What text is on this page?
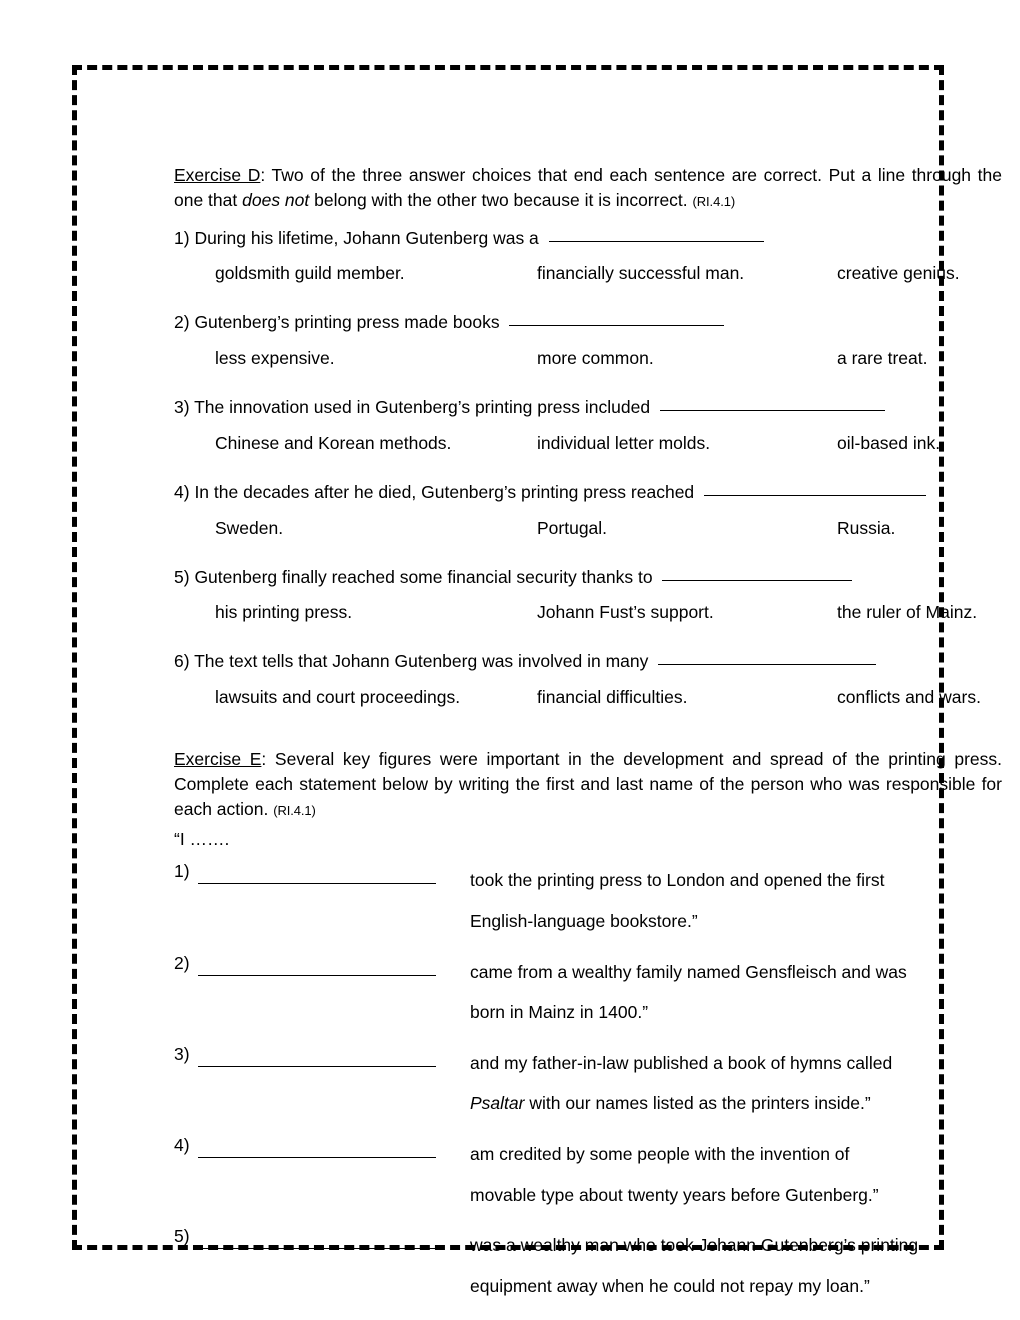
Exercise D: Two of the three answer choices that end each sentence are correct. Put a line through the one that does not belong with the other two because it is incorrect. (RI.4.1)

1) During his lifetime, Johann Gutenberg was a
goldsmith guild member.	financially successful man.	creative genius.
2) Gutenberg’s printing press made books
less expensive.	more common.	a rare treat.
3) The innovation used in Gutenberg’s printing press included
Chinese and Korean methods.	individual letter molds.	oil-based ink.
4) In the decades after he died, Gutenberg’s printing press reached
Sweden.	Portugal.	Russia.
5) Gutenberg finally reached some financial security thanks to
his printing press.	Johann Fust’s support.	the ruler of Mainz.
6) The text tells that Johann Gutenberg was involved in many
lawsuits and court proceedings.	financial difficulties.	conflicts and wars.

Exercise E: Several key figures were important in the development and spread of the printing press. Complete each statement below by writing the first and last name of the person who was responsible for each action. (RI.4.1)

“I …….
1)	took the printing press to London and opened the first
English-language bookstore.”
2)	came from a wealthy family named Gensfleisch and was
born in Mainz in 1400.”
3)	and my father-in-law published a book of hymns called
Psaltar with our names listed as the printers inside.”
4)	am credited by some people with the invention of
movable type about twenty years before Gutenberg.”
5)	was a wealthy man who took Johann Gutenberg’s printing
equipment away when he could not repay my loan.”
